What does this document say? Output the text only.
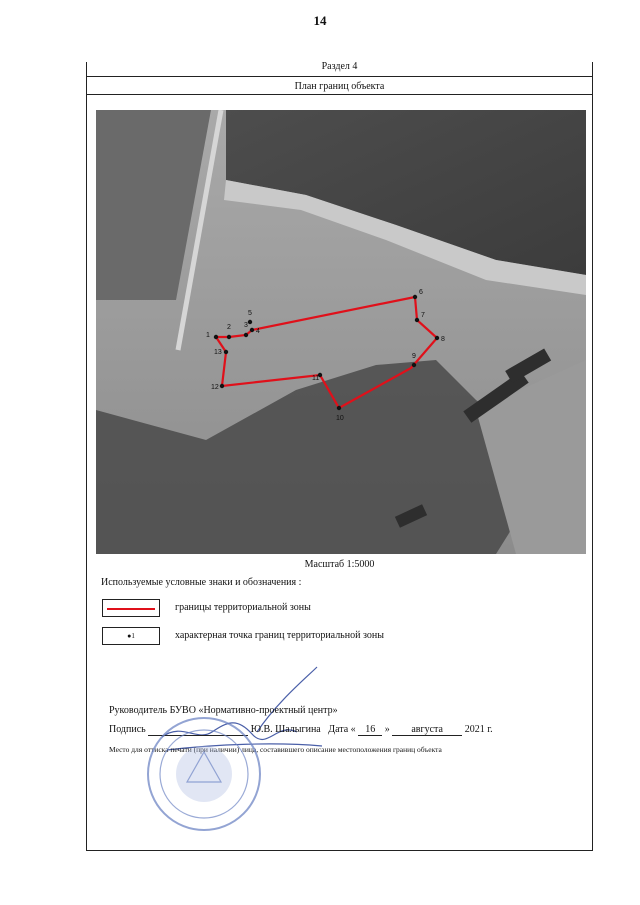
14
Раздел 4
План границ объекта
1
2 3
4
5
6
7
8
9
10
11
12
13
Масштаб 1:5000
Используемые условные знаки и обозначения :
границы территориальной зоны
●1	характерная точка границ территориальной зоны
Руководитель БУВО «Нормативно-проектный центр»
Подпись	Ю.В. Шалыгина Дата « 16 » августа 2021 г.
Место для оттиска печати (при наличии) лица, составившего описание местоположения границ объекта
